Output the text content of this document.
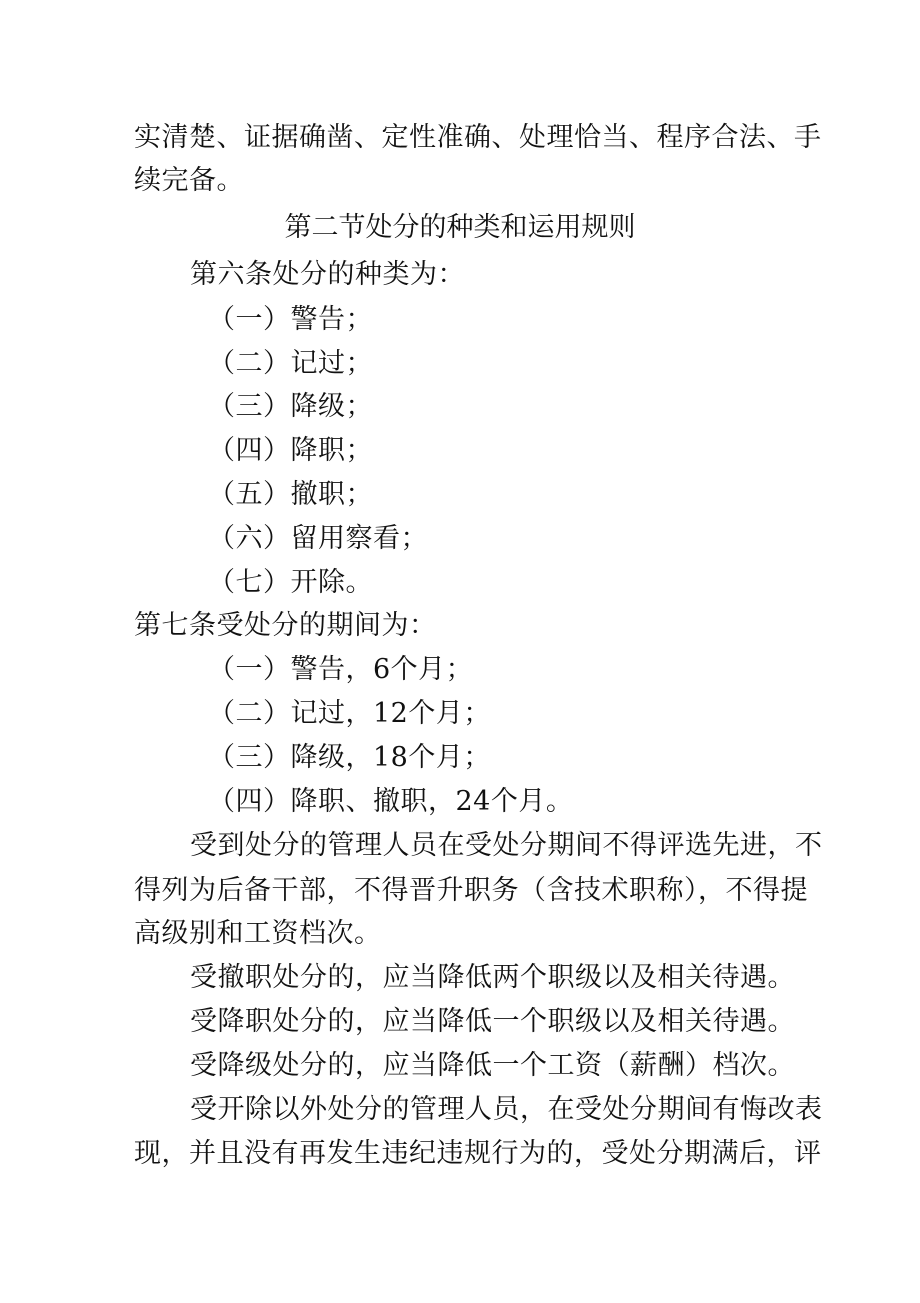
实清楚、证据确凿、定性准确、处理恰当、程序合法、手
续完备。
第二节处分的种类和运用规则
第六条处分的种类为：
（一）警告；
（二）记过；
（三）降级；
（四）降职；
（五）撤职；
（六）留用察看；
（七）开除。
第七条受处分的期间为：
（一）警告，6个月；
（二）记过，12个月；
（三）降级，18个月；
（四）降职、撤职，24个月。
受到处分的管理人员在受处分期间不得评选先进，不
得列为后备干部，不得晋升职务（含技术职称），不得提
高级别和工资档次。
受撤职处分的，应当降低两个职级以及相关待遇。
受降职处分的，应当降低一个职级以及相关待遇。
受降级处分的，应当降低一个工资（薪酬）档次。
受开除以外处分的管理人员，在受处分期间有悔改表
现，并且没有再发生违纪违规行为的，受处分期满后，评
